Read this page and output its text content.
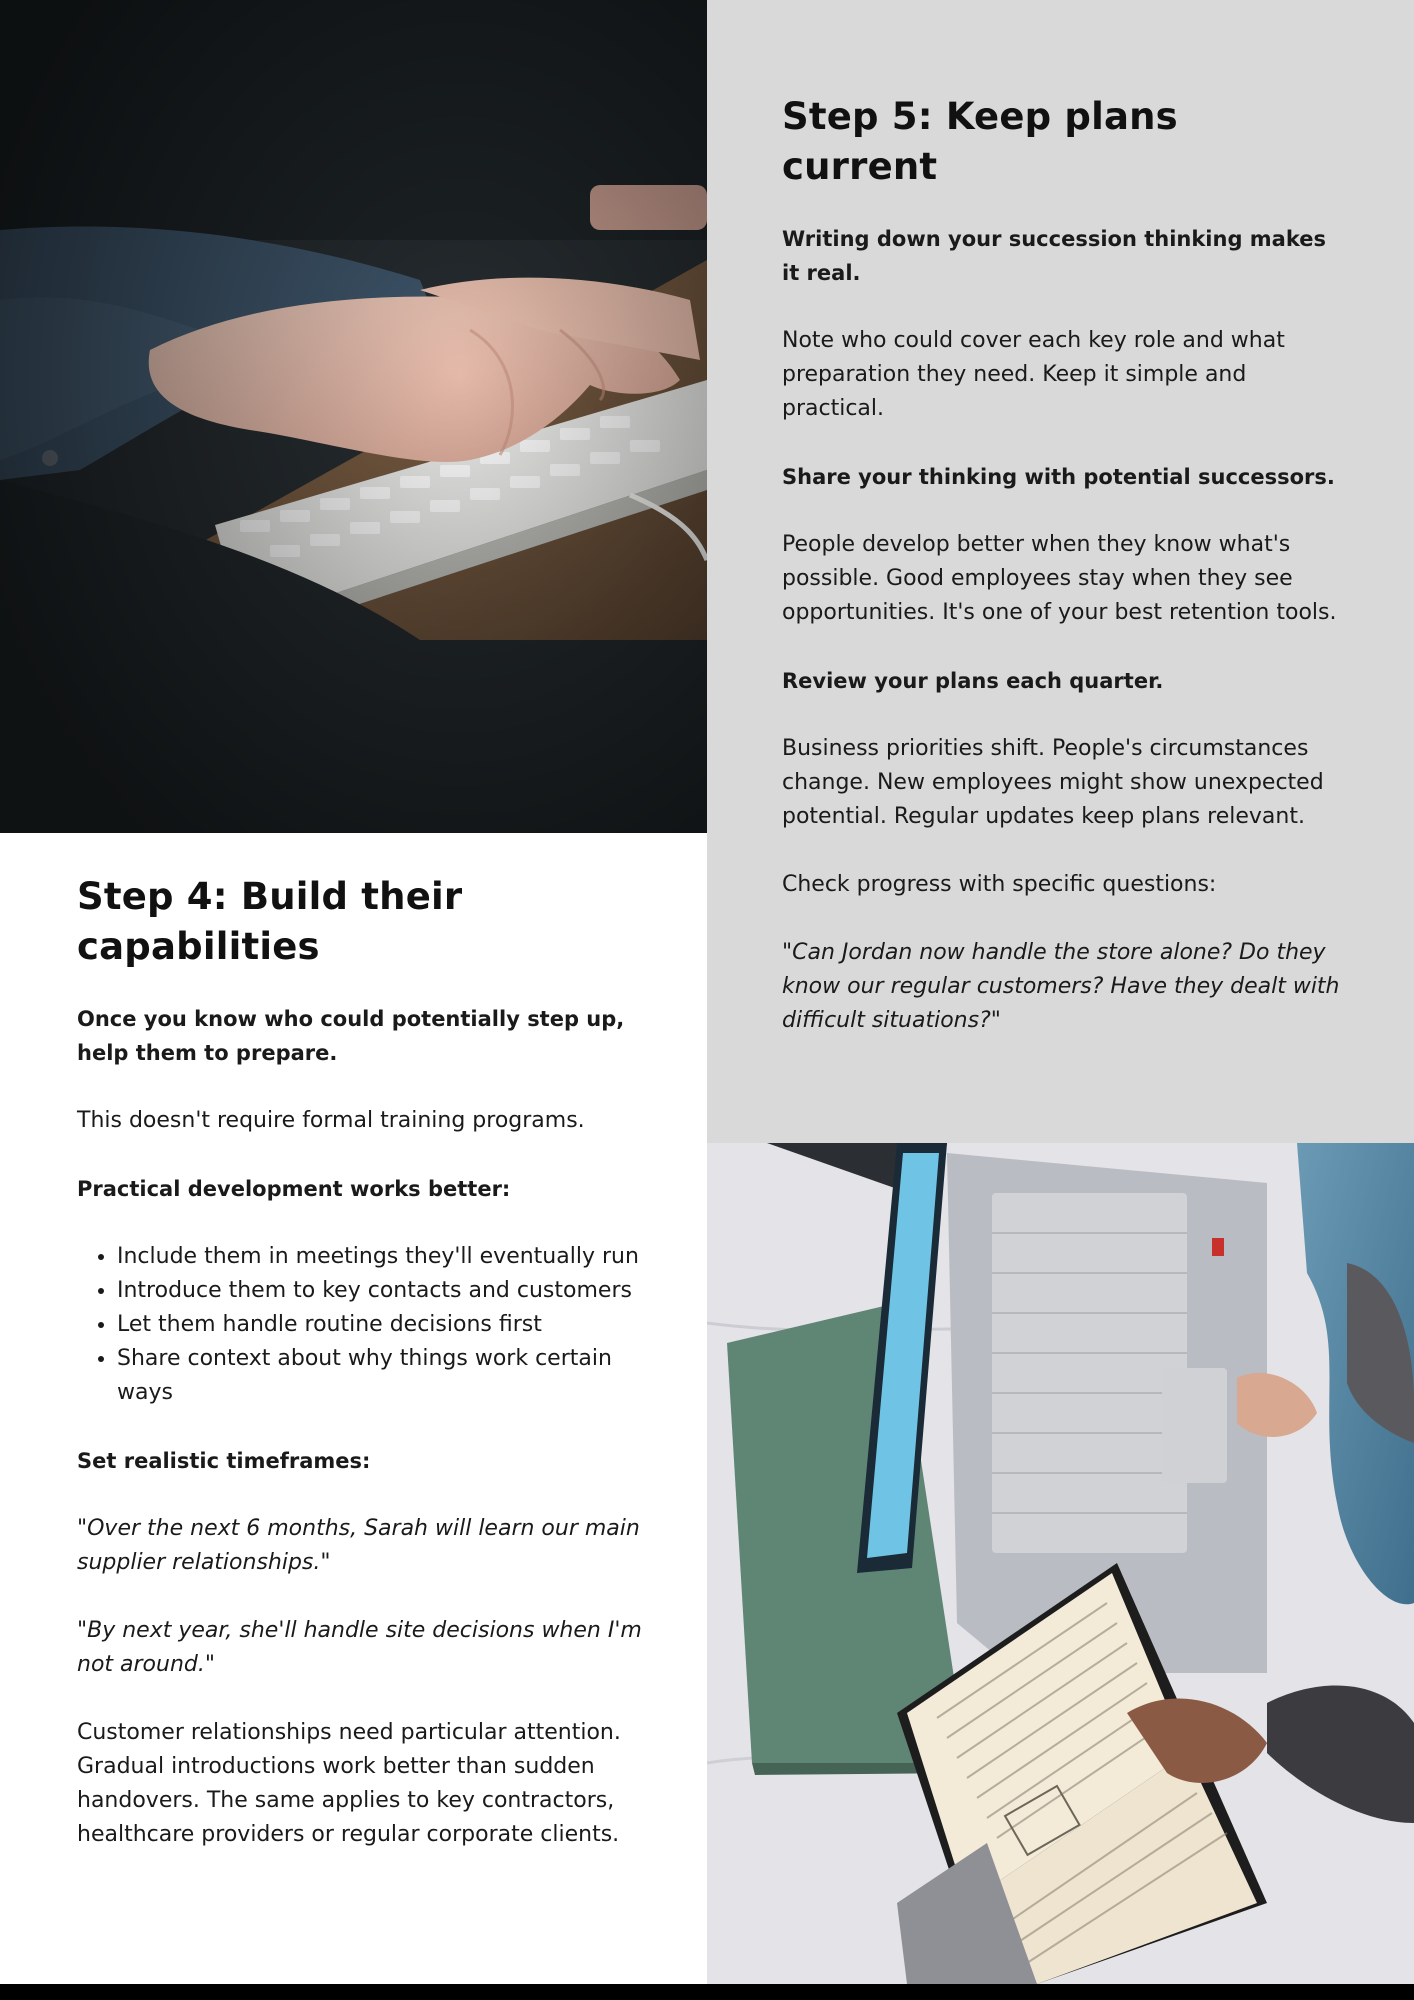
Step 5: Keep plans current

Writing down your succession thinking makes it real.

Note who could cover each key role and what preparation they need. Keep it simple and practical.

Share your thinking with potential successors.

People develop better when they know what's possible. Good employees stay when they see opportunities. It's one of your best retention tools.

Review your plans each quarter.

Business priorities shift. People's circumstances change. New employees might show unexpected potential. Regular updates keep plans relevant.

Check progress with specific questions:

"Can Jordan now handle the store alone? Do they know our regular customers? Have they dealt with difficult situations?"

Step 4: Build their capabilities

Once you know who could potentially step up, help them to prepare.

This doesn't require formal training programs.

Practical development works better:

• Include them in meetings they'll eventually run
• Introduce them to key contacts and customers
• Let them handle routine decisions first
• Share context about why things work certain ways

Set realistic timeframes:

"Over the next 6 months, Sarah will learn our main supplier relationships."

"By next year, she'll handle site decisions when I'm not around."

Customer relationships need particular attention. Gradual introductions work better than sudden handovers. The same applies to key contractors, healthcare providers or regular corporate clients.
